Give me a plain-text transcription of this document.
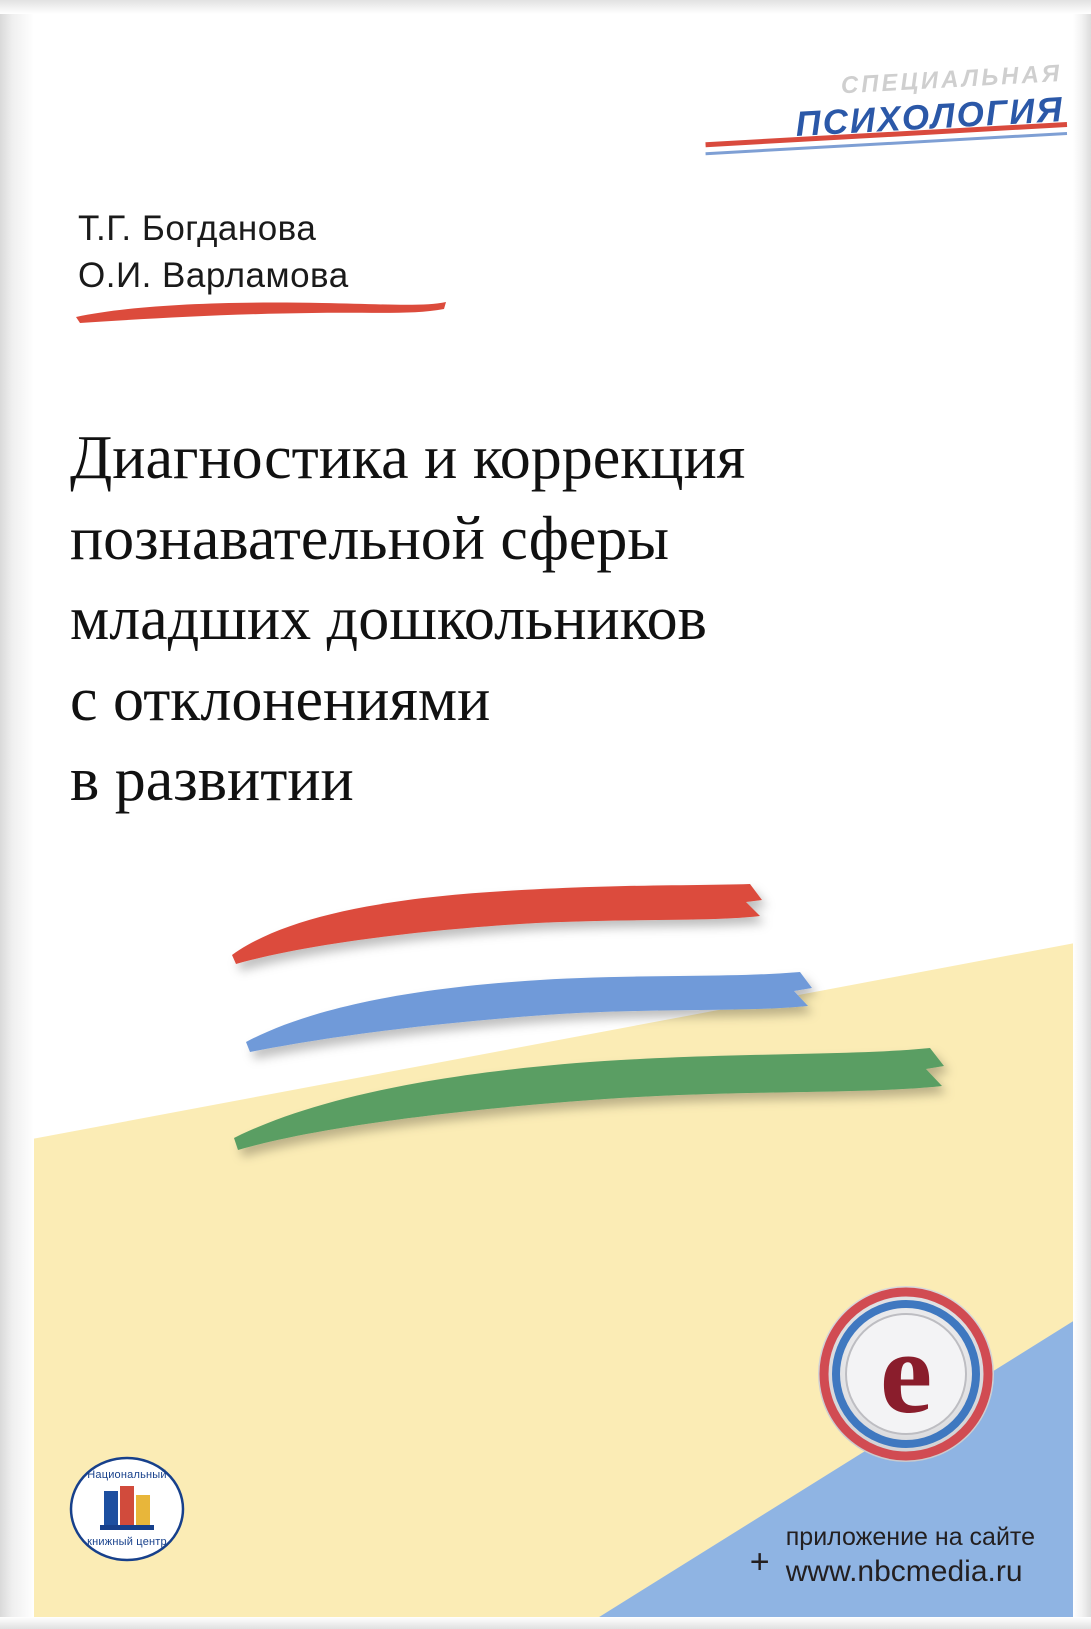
СПЕЦИАЛЬНАЯ
ПСИХОЛОГИЯ
Т.Г. Богданова
О.И. Варламова
Диагностика и коррекция
познавательной сферы
младших дошкольников
с отклонениями
в развитии
e
+
приложение на сайте
www.nbcmedia.ru
Национальный
книжный центр
